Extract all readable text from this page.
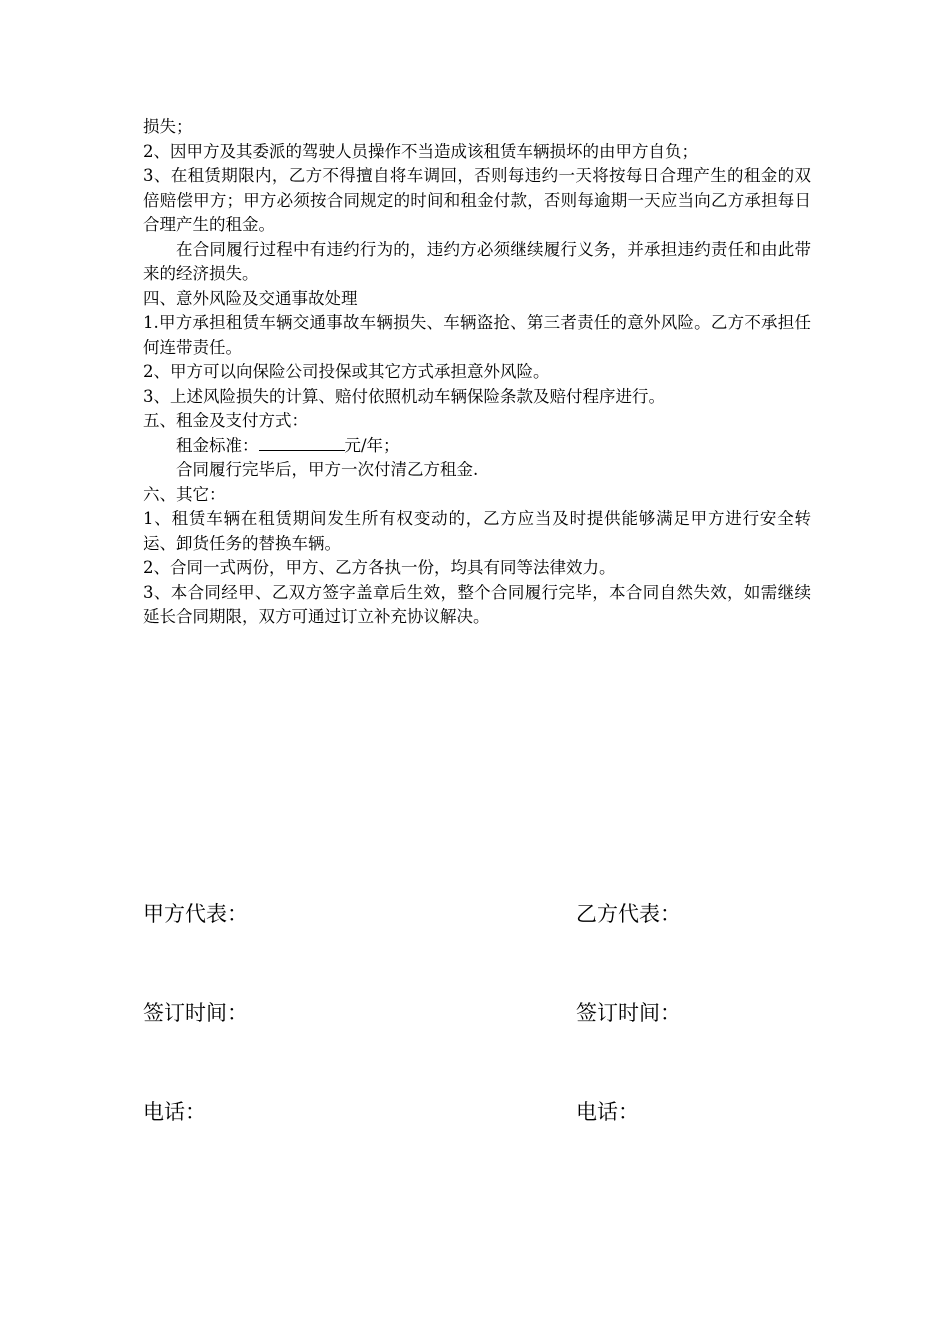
损失；

2、因甲方及其委派的驾驶人员操作不当造成该租赁车辆损坏的由甲方自负；

3、在租赁期限内，乙方不得擅自将车调回，否则每违约一天将按每日合理产生的租金的双倍赔偿甲方；甲方必须按合同规定的时间和租金付款，否则每逾期一天应当向乙方承担每日合理产生的租金。

在合同履行过程中有违约行为的，违约方必须继续履行义务，并承担违约责任和由此带来的经济损失。

四、意外风险及交通事故处理

1.甲方承担租赁车辆交通事故车辆损失、车辆盗抢、第三者责任的意外风险。乙方不承担任何连带责任。

2、甲方可以向保险公司投保或其它方式承担意外风险。

3、上述风险损失的计算、赔付依照机动车辆保险条款及赔付程序进行。

五、租金及支付方式：

租金标准：	元/年；

合同履行完毕后，甲方一次付清乙方租金.

六、其它：

1、租赁车辆在租赁期间发生所有权变动的，乙方应当及时提供能够满足甲方进行安全转运、卸货任务的替换车辆。

2、合同一式两份，甲方、乙方各执一份，均具有同等法律效力。

3、本合同经甲、乙双方签字盖章后生效，整个合同履行完毕，本合同自然失效，如需继续延长合同期限，双方可通过订立补充协议解决。

甲方代表：	乙方代表：
签订时间：	签订时间：
电话：	电话：
